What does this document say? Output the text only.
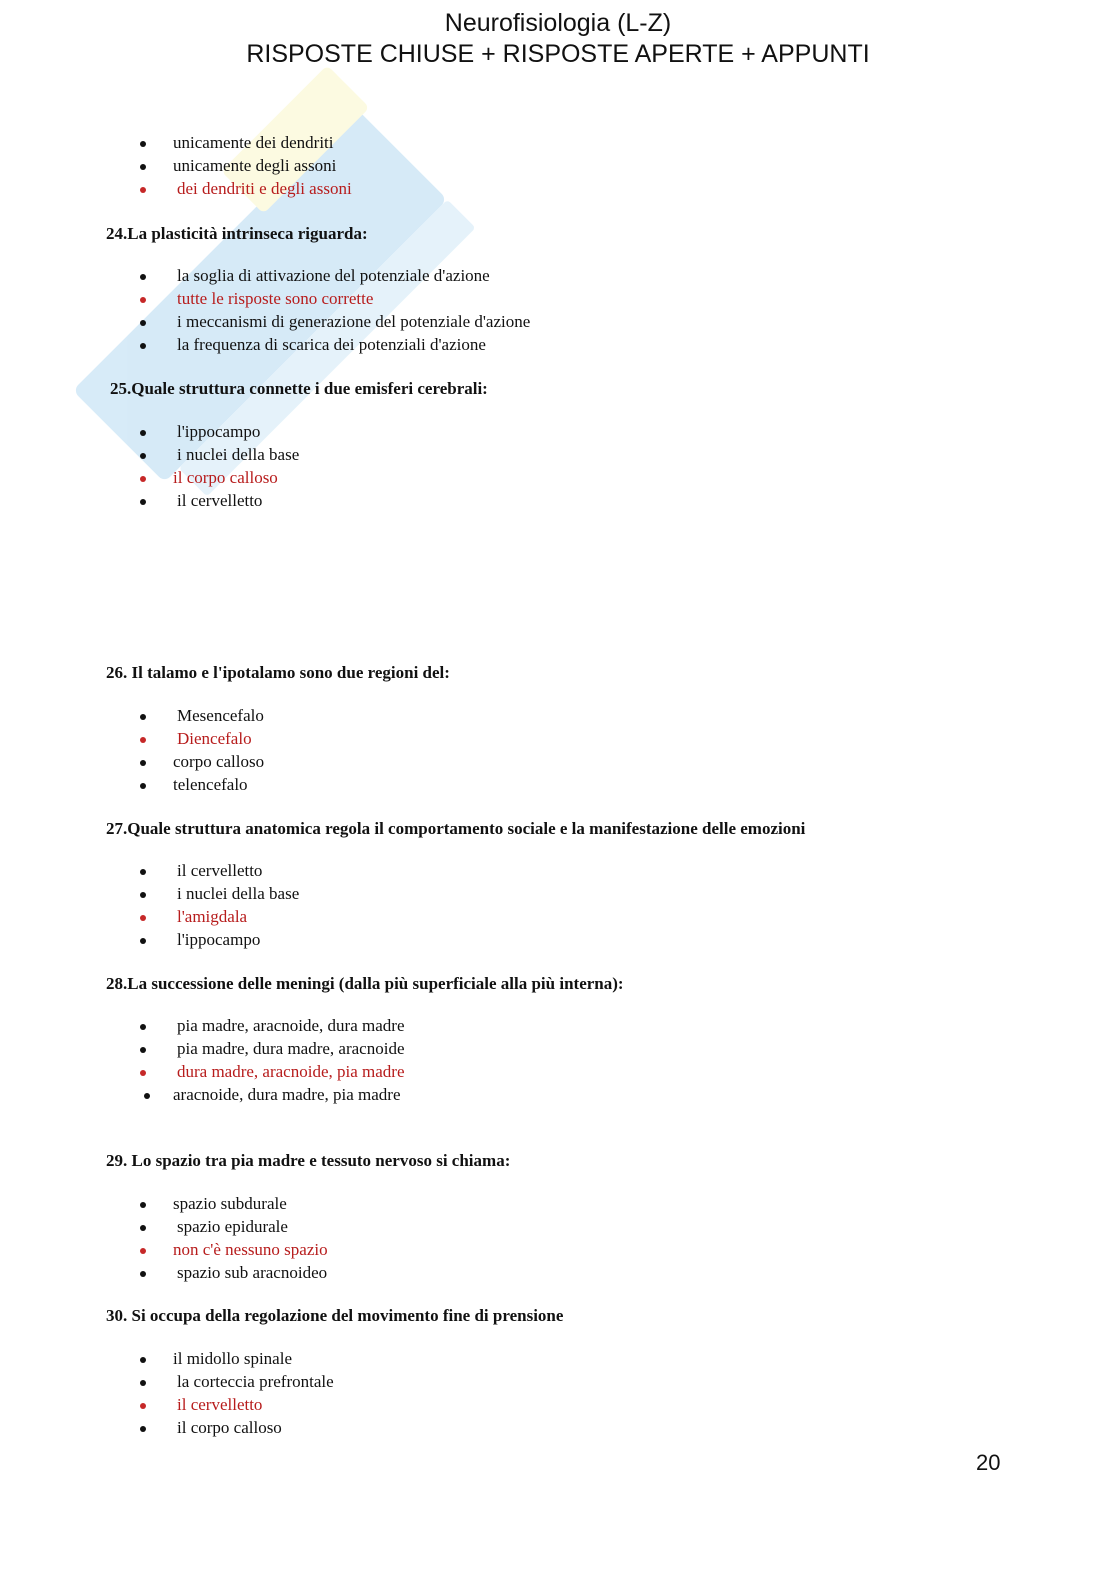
Neurofisiologia (L-Z)
RISPOSTE CHIUSE + RISPOSTE APERTE + APPUNTI
unicamente dei dendriti
unicamente degli assoni
dei dendriti e degli assoni
24.La plasticità intrinseca riguarda:
la soglia di attivazione del potenziale d'azione
tutte le risposte sono corrette
i meccanismi di generazione del potenziale d'azione
la frequenza di scarica dei potenziali d'azione
25.Quale struttura connette i due emisferi cerebrali:
l'ippocampo
i nuclei della base
il corpo calloso
il cervelletto
26. Il talamo e l'ipotalamo sono due regioni del:
Mesencefalo
Diencefalo
corpo calloso
telencefalo
27.Quale struttura anatomica regola il comportamento sociale e la manifestazione delle emozioni
il cervelletto
i nuclei della base
l'amigdala
l'ippocampo
28.La successione delle meningi (dalla più superficiale alla più interna):
pia madre, aracnoide, dura madre
pia madre, dura madre, aracnoide
dura madre, aracnoide, pia madre
aracnoide, dura madre, pia madre
29. Lo spazio tra pia madre e tessuto nervoso si chiama:
spazio subdurale
spazio epidurale
non c'è nessuno spazio
spazio sub aracnoideo
30. Si occupa della regolazione del movimento fine di prensione
il midollo spinale
la corteccia prefrontale
il cervelletto
il corpo calloso
20
